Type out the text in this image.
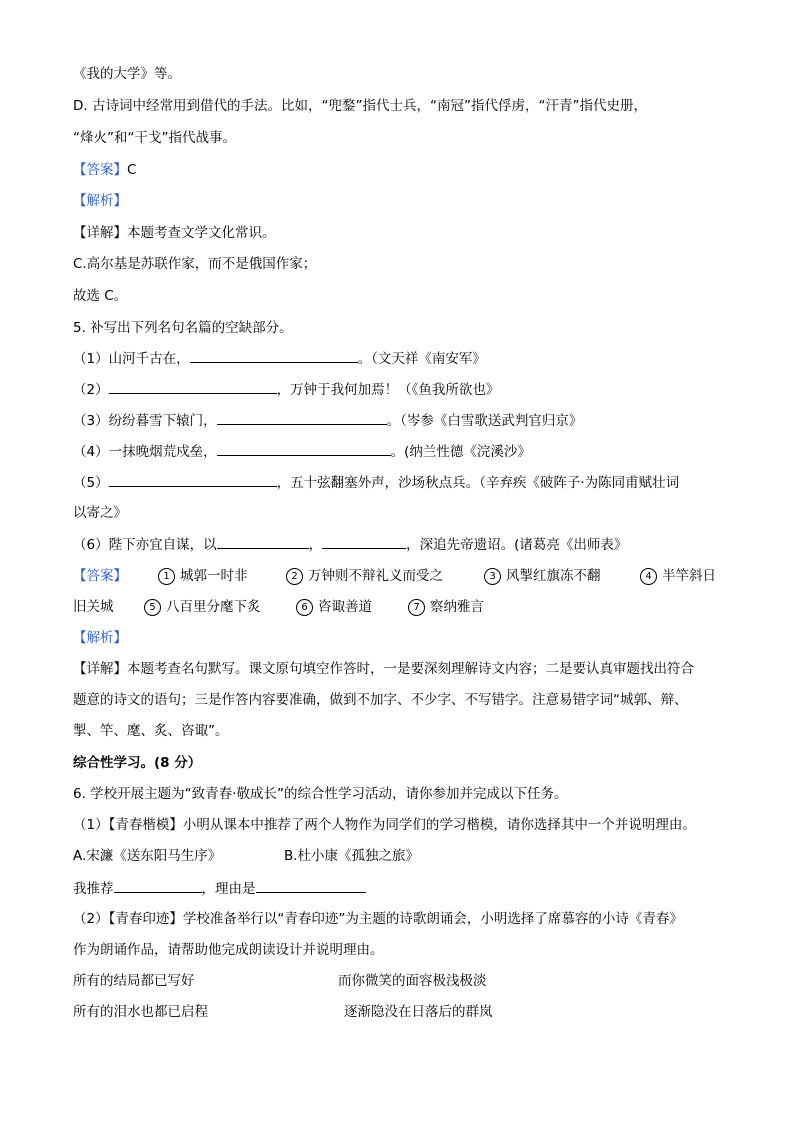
《我的大学》等。
D. 古诗词中经常用到借代的手法。比如，“兜鍪”指代士兵，“南冠”指代俘虏，“汗青”指代史册，
“烽火”和“干戈”指代战事。
【答案】C
【解析】
【详解】本题考查文学文化常识。
C.高尔基是苏联作家，而不是俄国作家；
故选 C。
5. 补写出下列名句名篇的空缺部分。
（1）山河千古在，	。（文天祥《南安军》
（2）	，万钟于我何加焉！（《鱼我所欲也》
（3）纷纷暮雪下辕门，	。（岑参《白雪歌送武判官归京》
（4）一抹晚烟荒戍垒，	。(纳兰性德《浣溪沙》
（5）	，五十弦翻塞外声，沙场秋点兵。（辛弃疾《破阵子·为陈同甫赋壮词
以寄之》
（6）陛下亦宜自谋，以	，	，深追先帝遗诏。(诸葛亮《出师表》
【答案】	1 城郭一时非	2 万钟则不辩礼义而受之	3 风掣红旗冻不翻	4 半竿斜日
旧关城	5 八百里分麾下炙	6 咨诹善道	7 察纳雅言
【解析】
【详解】本题考查名句默写。课文原句填空作答时，一是要深刻理解诗文内容；二是要认真审题找出符合
题意的诗文的语句；三是作答内容要准确，做到不加字、不少字、不写错字。注意易错字词“城郭、辩、
掣、竿、麾、炙、咨诹”。
综合性学习。(8 分）
6. 学校开展主题为“致青春·敬成长”的综合性学习活动，请你参加并完成以下任务。
（1）【青春楷模】小明从课本中推荐了两个人物作为同学们的学习楷模，请你选择其中一个并说明理由。
A.宋濂《送东阳马生序》	B.杜小康《孤独之旅》
我推荐	，理由是
（2）【青春印迹】学校准备举行以“青春印迹”为主题的诗歌朗诵会，小明选择了席慕容的小诗《青春》
作为朗诵作品，请帮助他完成朗读设计并说明理由。
所有的结局都已写好	而你微笑的面容极浅极淡
所有的泪水也都已启程	逐渐隐没在日落后的群岚
